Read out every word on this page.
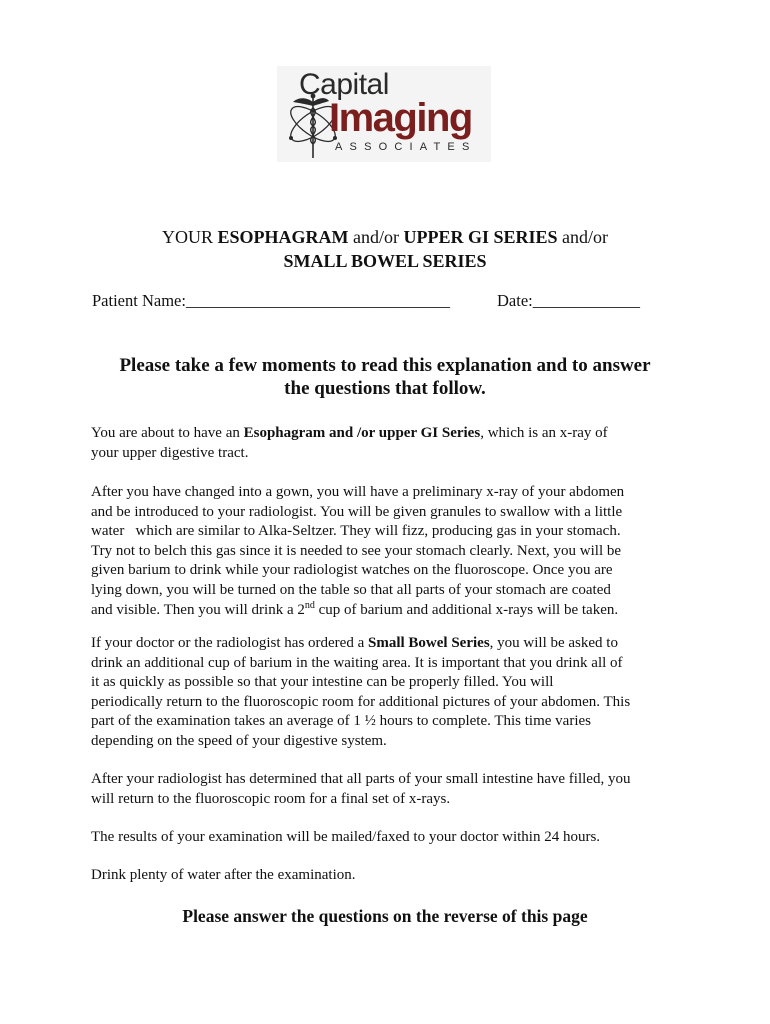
Capital
Imaging
ASSOCIATES
YOUR ESOPHAGRAM and/or UPPER GI SERIES and/or
SMALL BOWEL SERIES
Patient Name:________________________________	Date:_____________
Please take a few moments to read this explanation and to answer
the questions that follow.
You are about to have an Esophagram and /or upper GI Series, which is an x-ray of
your upper digestive tract.
After you have changed into a gown, you will have a preliminary x-ray of your abdomen
and be introduced to your radiologist. You will be given granules to swallow with a little
water   which are similar to Alka-Seltzer. They will fizz, producing gas in your stomach.
Try not to belch this gas since it is needed to see your stomach clearly. Next, you will be
given barium to drink while your radiologist watches on the fluoroscope. Once you are
lying down, you will be turned on the table so that all parts of your stomach are coated
and visible. Then you will drink a 2nd cup of barium and additional x-rays will be taken.
If your doctor or the radiologist has ordered a Small Bowel Series, you will be asked to
drink an additional cup of barium in the waiting area. It is important that you drink all of
it as quickly as possible so that your intestine can be properly filled. You will
periodically return to the fluoroscopic room for additional pictures of your abdomen. This
part of the examination takes an average of 1 ½ hours to complete. This time varies
depending on the speed of your digestive system.
After your radiologist has determined that all parts of your small intestine have filled, you
will return to the fluoroscopic room for a final set of x-rays.
The results of your examination will be mailed/faxed to your doctor within 24 hours.
Drink plenty of water after the examination.
Please answer the questions on the reverse of this page
